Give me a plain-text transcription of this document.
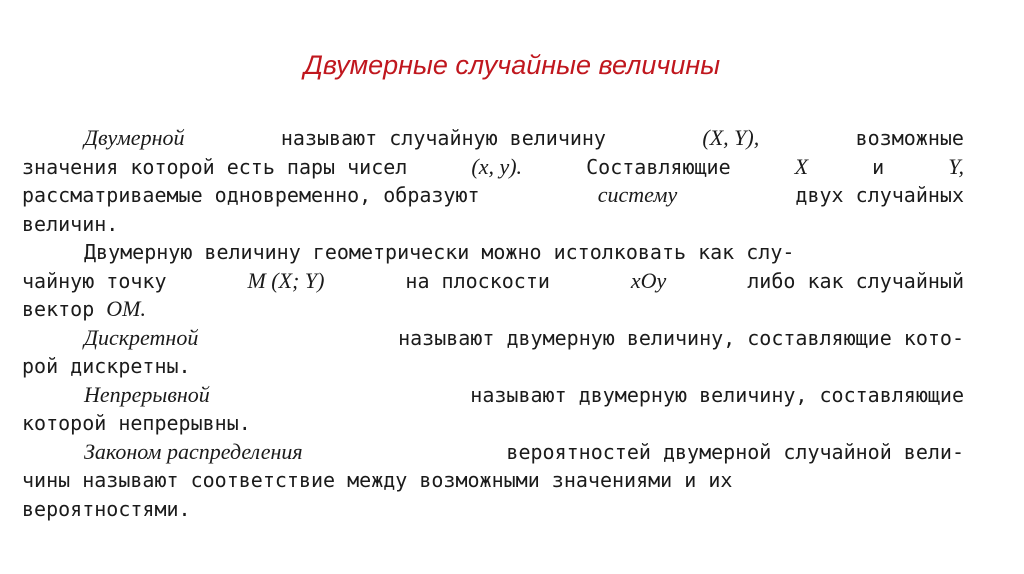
Двумерные случайные величины
Двумерной	называют случайную величину	(X, Y),	возможные
значения которой есть пары чисел (x, y).	Составляющие X	и Y,
рассматриваемые одновременно, образуют	систему	двух случайных
величин.
Двумерную величину геометрически можно истолковать как слу-
чайную точку	M (X; Y)	на плоскости	xOy	либо как случайный
вектор OM.
Дискретной	называют двумерную величину, составляющие кото-
рой дискретны.
Непрерывной	называют двумерную величину, составляющие
которой непрерывны.
Законом распределения	вероятностей двумерной случайной вели-
чины называют соответствие между возможными значениями и их
вероятностями.
